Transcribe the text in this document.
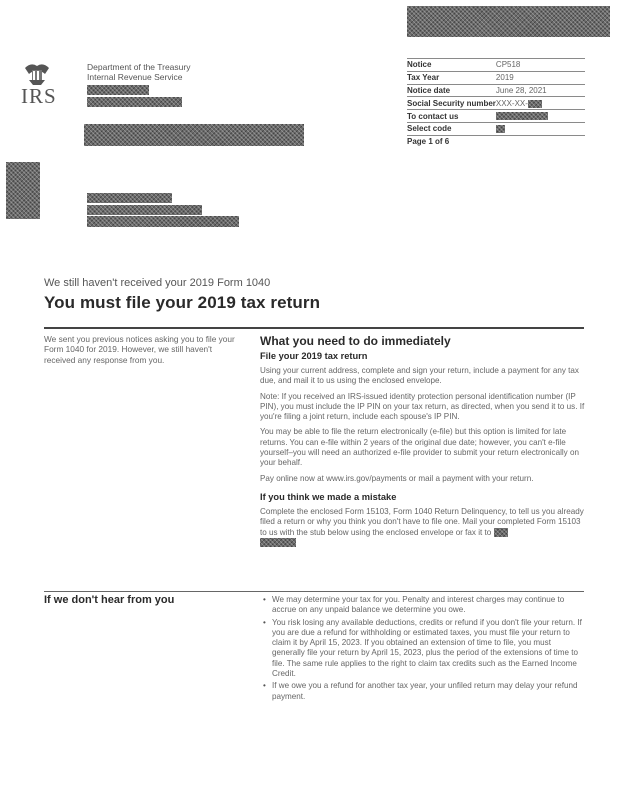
IRS
Department of the Treasury
Internal Revenue Service
Notice	CP518
Tax Year	2019
Notice date	June 28, 2021
Social Security number	XXX-XX-
To contact us	
Select code	
Page 1 of 6	
We still haven't received your 2019 Form 1040
You must file your 2019 tax return
We sent you previous notices asking you to file your Form 1040 for 2019. However, we still haven't received any response from you.
What you need to do immediately
File your 2019 tax return

Using your current address, complete and sign your return, include a payment for any tax due, and mail it to us using the enclosed envelope.

Note: If you received an IRS-issued identity protection personal identification number (IP PIN), you must include the IP PIN on your tax return, as directed, when you send it to us. If you're filing a joint return, include each spouse's IP PIN.

You may be able to file the return electronically (e-file) but this option is limited for late returns. You can e-file within 2 years of the original due date; however, you can't e-file yourself–you will need an authorized e-file provider to submit your return electronically on your behalf.

Pay online now at www.irs.gov/payments or mail a payment with your return.

If you think we made a mistake

Complete the enclosed Form 15103, Form 1040 Return Delinquency, to tell us you already filed a return or why you think you don't have to file one. Mail your completed Form 15103 to us with the stub below using the enclosed envelope or fax it to

If we don't hear from you	• We may determine your tax for you. Penalty and interest charges may continue to accrue on any unpaid balance we determine you owe.
• You risk losing any available deductions, credits or refund if you don't file your return. If you are due a refund for withholding or estimated taxes, you must file your return to claim it by April 15, 2023. If you obtained an extension of time to file, you must generally file your return by April 15, 2023, plus the period of the extensions of time to file. The same rule applies to the right to claim tax credits such as the Earned Income Credit.
• If we owe you a refund for another tax year, your unfiled return may delay your refund payment.
